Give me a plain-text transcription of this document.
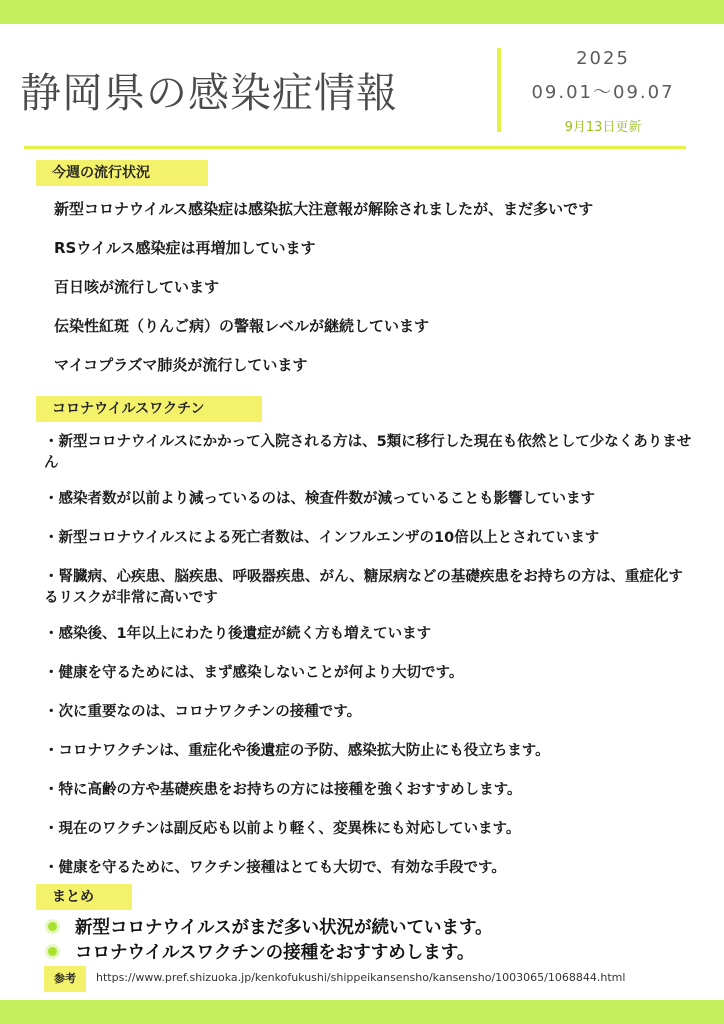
静岡県の感染症情報
2025
09.01～09.07
9月13日更新
今週の流行状況
新型コロナウイルス感染症は感染拡大注意報が解除されましたが、まだ多いです
RSウイルス感染症は再増加しています
百日咳が流行しています
伝染性紅斑（りんご病）の警報レベルが継続しています
マイコプラズマ肺炎が流行しています
コロナウイルスワクチン
・新型コロナウイルスにかかって入院される方は、5類に移行した現在も依然として少なくありません
・感染者数が以前より減っているのは、検査件数が減っていることも影響しています
・新型コロナウイルスによる死亡者数は、インフルエンザの10倍以上とされています
・腎臓病、心疾患、脳疾患、呼吸器疾患、がん、糖尿病などの基礎疾患をお持ちの方は、重症化するリスクが非常に高いです
・感染後、1年以上にわたり後遺症が続く方も増えています
・健康を守るためには、まず感染しないことが何より大切です。
・次に重要なのは、コロナワクチンの接種です。
・コロナワクチンは、重症化や後遺症の予防、感染拡大防止にも役立ちます。
・特に高齢の方や基礎疾患をお持ちの方には接種を強くおすすめします。
・現在のワクチンは副反応も以前より軽く、変異株にも対応しています。
・健康を守るために、ワクチン接種はとても大切で、有効な手段です。
まとめ
新型コロナウイルスがまだ多い状況が続いています。
コロナウイルスワクチンの接種をおすすめします。
参考	https://www.pref.shizuoka.jp/kenkofukushi/shippeikansensho/kansensho/1003065/1068844.html
